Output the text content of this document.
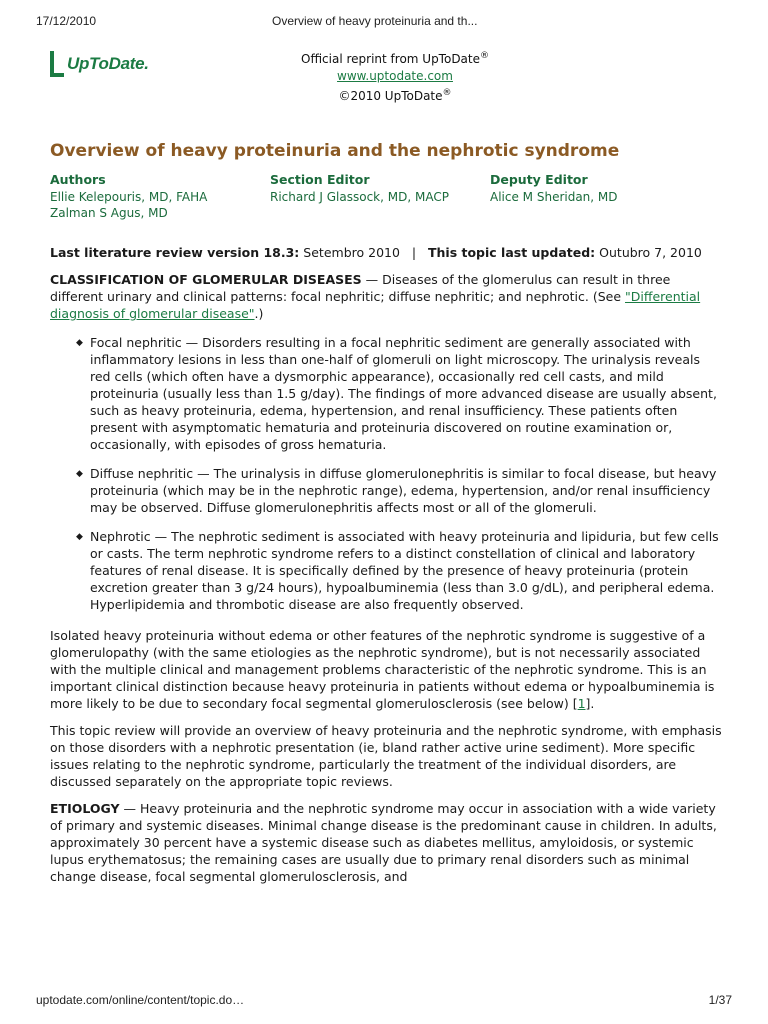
17/12/2010	Overview of heavy proteinuria and th...
UpToDate.	Official reprint from UpToDate®
www.uptodate.com
©2010 UpToDate®
Overview of heavy proteinuria and the nephrotic syndrome
Authors
Ellie Kelepouris, MD, FAHA
Zalman S Agus, MD
Section Editor
Richard J Glassock, MD, MACP
Deputy Editor
Alice M Sheridan, MD

Last literature review version 18.3: Setembro 2010 | This topic last updated: Outubro 7, 2010

CLASSIFICATION OF GLOMERULAR DISEASES — Diseases of the glomerulus can result in three different urinary and clinical patterns: focal nephritic; diffuse nephritic; and nephrotic. (See "Differential diagnosis of glomerular disease".)

◆ Focal nephritic — Disorders resulting in a focal nephritic sediment are generally associated with inflammatory lesions in less than one-half of glomeruli on light microscopy. The urinalysis reveals red cells (which often have a dysmorphic appearance), occasionally red cell casts, and mild proteinuria (usually less than 1.5 g/day). The findings of more advanced disease are usually absent, such as heavy proteinuria, edema, hypertension, and renal insufficiency. These patients often present with asymptomatic hematuria and proteinuria discovered on routine examination or, occasionally, with episodes of gross hematuria.
◆ Diffuse nephritic — The urinalysis in diffuse glomerulonephritis is similar to focal disease, but heavy proteinuria (which may be in the nephrotic range), edema, hypertension, and/or renal insufficiency may be observed. Diffuse glomerulonephritis affects most or all of the glomeruli.
◆ Nephrotic — The nephrotic sediment is associated with heavy proteinuria and lipiduria, but few cells or casts. The term nephrotic syndrome refers to a distinct constellation of clinical and laboratory features of renal disease. It is specifically defined by the presence of heavy proteinuria (protein excretion greater than 3 g/24 hours), hypoalbuminemia (less than 3.0 g/dL), and peripheral edema. Hyperlipidemia and thrombotic disease are also frequently observed.

Isolated heavy proteinuria without edema or other features of the nephrotic syndrome is suggestive of a glomerulopathy (with the same etiologies as the nephrotic syndrome), but is not necessarily associated with the multiple clinical and management problems characteristic of the nephrotic syndrome. This is an important clinical distinction because heavy proteinuria in patients without edema or hypoalbuminemia is more likely to be due to secondary focal segmental glomerulosclerosis (see below) [1].

This topic review will provide an overview of heavy proteinuria and the nephrotic syndrome, with emphasis on those disorders with a nephrotic presentation (ie, bland rather active urine sediment). More specific issues relating to the nephrotic syndrome, particularly the treatment of the individual disorders, are discussed separately on the appropriate topic reviews.

ETIOLOGY — Heavy proteinuria and the nephrotic syndrome may occur in association with a wide variety of primary and systemic diseases. Minimal change disease is the predominant cause in children. In adults, approximately 30 percent have a systemic disease such as diabetes mellitus, amyloidosis, or systemic lupus erythematosus; the remaining cases are usually due to primary renal disorders such as minimal change disease, focal segmental glomerulosclerosis, and

uptodate.com/online/content/topic.do…	1/37
